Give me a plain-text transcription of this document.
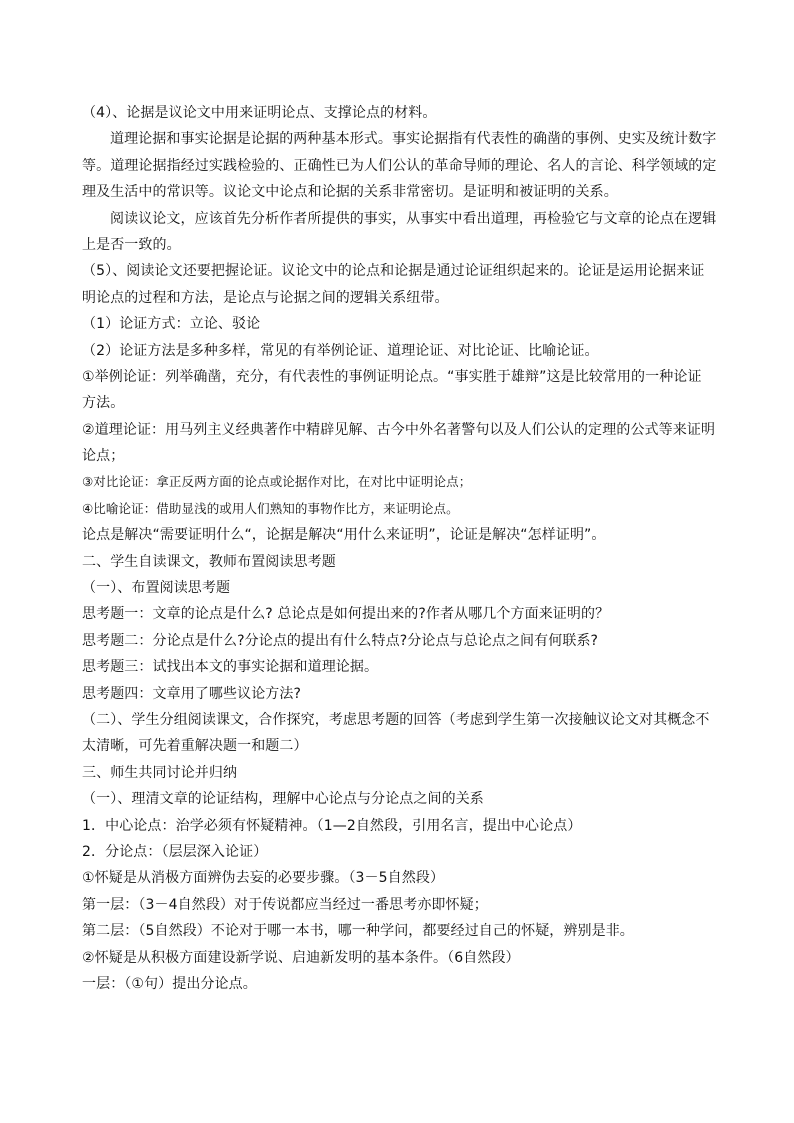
（4）、论据是议论文中用来证明论点、支撑论点的材料。
道理论据和事实论据是论据的两种基本形式。事实论据指有代表性的确凿的事例、史实及统计数字
等。道理论据指经过实践检验的、正确性已为人们公认的革命导师的理论、名人的言论、科学领域的定
理及生活中的常识等。议论文中论点和论据的关系非常密切。是证明和被证明的关系。
阅读议论文，应该首先分析作者所提供的事实，从事实中看出道理，再检验它与文章的论点在逻辑
上是否一致的。
（5）、阅读论文还要把握论证。议论文中的论点和论据是通过论证组织起来的。论证是运用论据来证
明论点的过程和方法，是论点与论据之间的逻辑关系纽带。
（1）论证方式：立论、驳论
（2）论证方法是多种多样，常见的有举例论证、道理论证、对比论证、比喻论证。
①举例论证：列举确凿，充分，有代表性的事例证明论点。“事实胜于雄辩”这是比较常用的一种论证
方法。
②道理论证：用马列主义经典著作中精辟见解、古今中外名著警句以及人们公认的定理的公式等来证明
论点；
③对比论证：拿正反两方面的论点或论据作对比，在对比中证明论点；
④比喻论证：借助显浅的或用人们熟知的事物作比方，来证明论点。
论点是解决“需要证明什么“，论据是解决“用什么来证明”，论证是解决“怎样证明”。
二、学生自读课文，教师布置阅读思考题
（一）、布置阅读思考题
思考题一：文章的论点是什么? 总论点是如何提出来的?作者从哪几个方面来证明的？
思考题二：分论点是什么?分论点的提出有什么特点?分论点与总论点之间有何联系?
思考题三：试找出本文的事实论据和道理论据。
思考题四：文章用了哪些议论方法?
（二）、学生分组阅读课文，合作探究，考虑思考题的回答（考虑到学生第一次接触议论文对其概念不
太清晰，可先着重解决题一和题二）
三、师生共同讨论并归纳
（一）、理清文章的论证结构，理解中心论点与分论点之间的关系
1．中心论点：治学必须有怀疑精神。（1—2自然段，引用名言，提出中心论点）
2．分论点：（层层深入论证）
①怀疑是从消极方面辨伪去妄的必要步骤。（3－5自然段）
第一层：（3－4自然段）对于传说都应当经过一番思考亦即怀疑；
第二层：（5自然段）不论对于哪一本书，哪一种学问，都要经过自己的怀疑，辨别是非。
②怀疑是从积极方面建设新学说、启迪新发明的基本条件。（6自然段）
一层：（①句）提出分论点。
